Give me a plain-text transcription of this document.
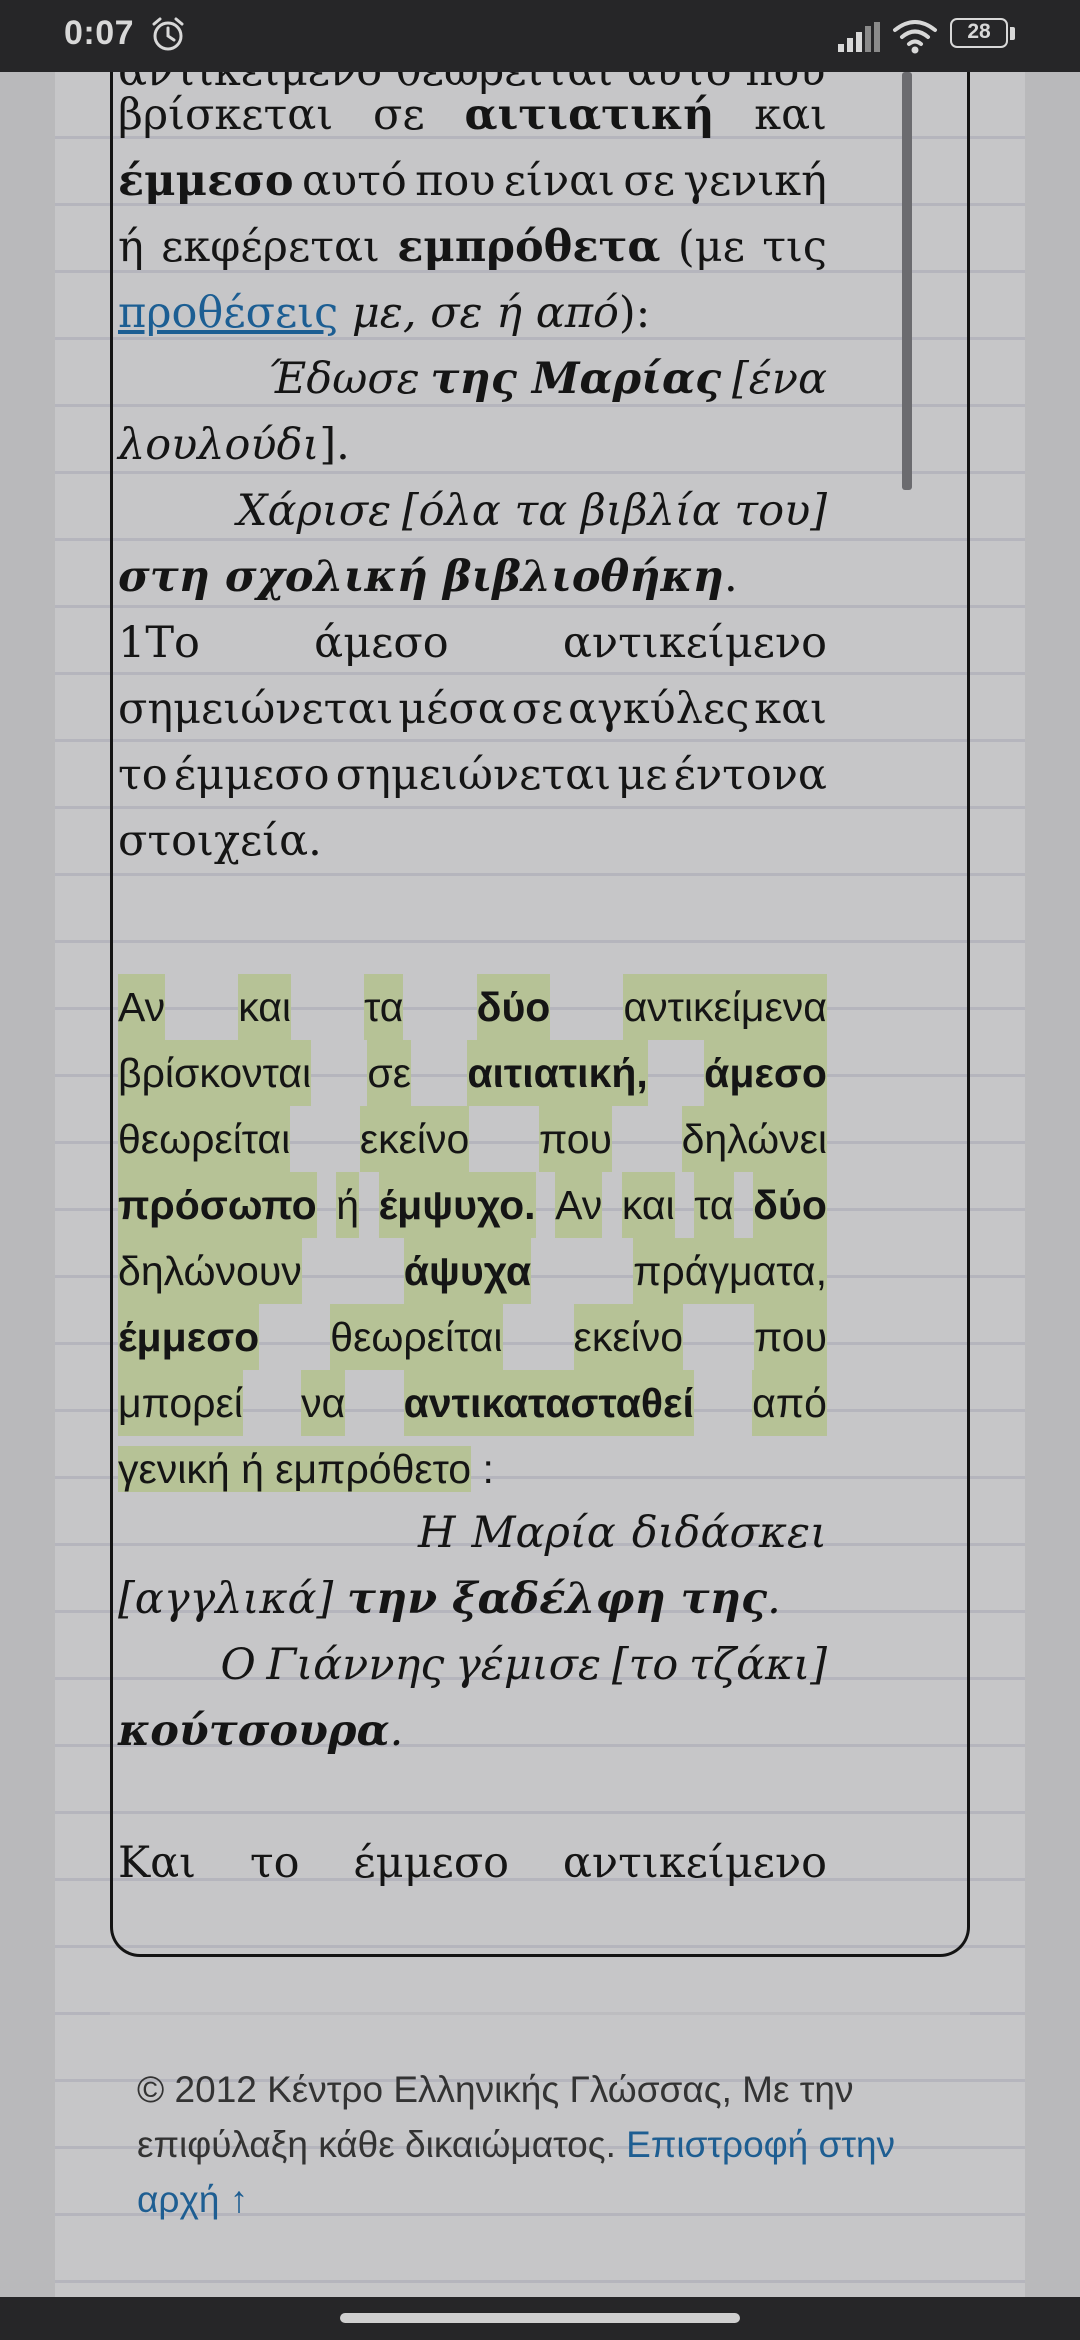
0:07	28
βρίσκεται σε αιτιατική και
έμμεσο αυτό που είναι σε γενική
ή εκφέρεται εμπρόθετα (με τις
προθέσεις με, σε ή από):
Έδωσε της Μαρίας [ένα
λουλούδι].
Χάρισε [όλα τα βιβλία του]
στη σχολική βιβλιοθήκη.
1Το	άμεσο	αντικείμενο
σημειώνεται μέσα σε αγκύλες και
το έμμεσο σημειώνεται με έντονα
στοιχεία.
Αν και τα δύο αντικείμενα
βρίσκονται σε αιτιατική, άμεσο
θεωρείται εκείνο που δηλώνει
πρόσωπο ή έμψυχο. Αν και τα δύο
δηλώνουν άψυχα πράγματα,
έμμεσο θεωρείται εκείνο που
μπορεί να αντικατασταθεί από
γενική ή εμπρόθετο :
Η Μαρία διδάσκει
[αγγλικά] την ξαδέλφη της.
Ο Γιάννης γέμισε [το τζάκι]
κούτσουρα.
Και το έμμεσο αντικείμενο
© 2012 Κέντρο Ελληνικής Γλώσσας, Με την επιφύλαξη κάθε δικαιώματος. Επιστροφή στην αρχή ↑
